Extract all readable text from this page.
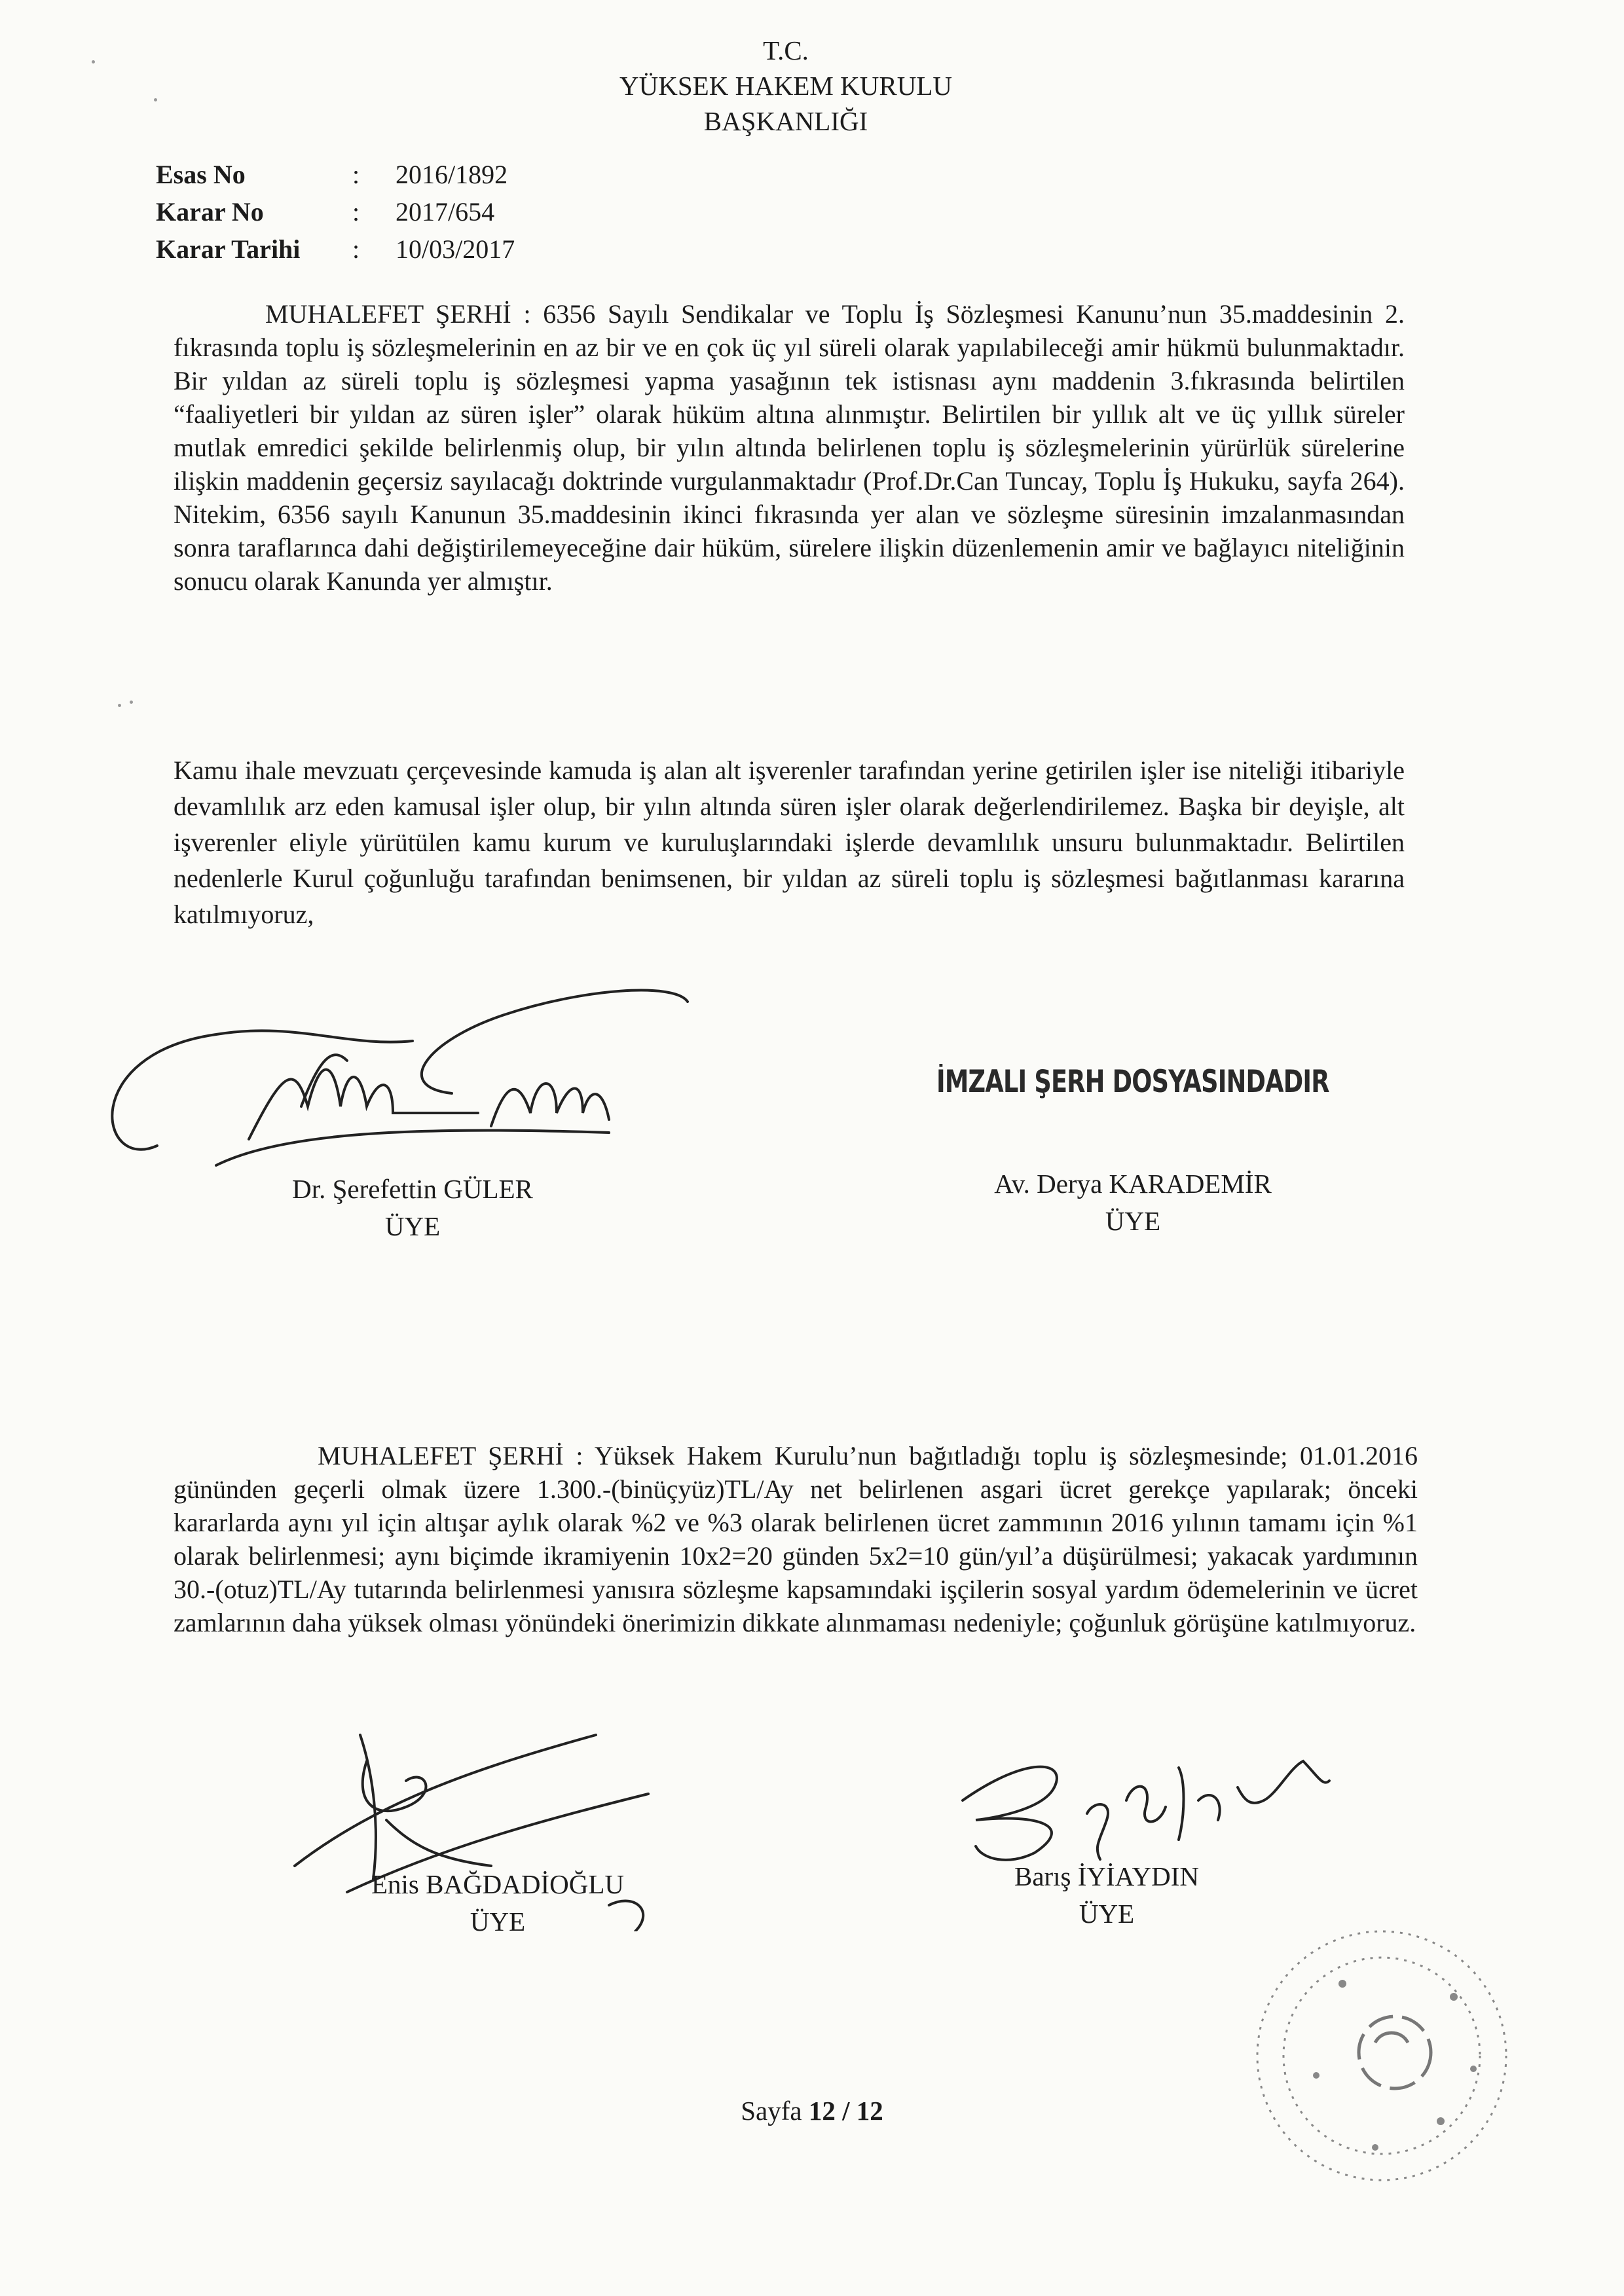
T.C.
YÜKSEK HAKEM KURULU
BAŞKANLIĞI
Esas No	:	2016/1892
Karar No	:	2017/654
Karar Tarihi	:	10/03/2017
MUHALEFET ŞERHİ : 6356 Sayılı Sendikalar ve Toplu İş Sözleşmesi Kanunu’nun 35.maddesinin 2. fıkrasında toplu iş sözleşmelerinin en az bir ve en çok üç yıl süreli olarak yapılabileceği amir hükmü bulunmaktadır. Bir yıldan az süreli toplu iş sözleşmesi yapma yasağının tek istisnası aynı maddenin 3.fıkrasında belirtilen “faaliyetleri bir yıldan az süren işler” olarak hüküm altına alınmıştır. Belirtilen bir yıllık alt ve üç yıllık süreler mutlak emredici şekilde belirlenmiş olup, bir yılın altında belirlenen toplu iş sözleşmelerinin yürürlük sürelerine ilişkin maddenin geçersiz sayılacağı doktrinde vurgulanmaktadır (Prof.Dr.Can Tuncay, Toplu İş Hukuku, sayfa 264). Nitekim, 6356 sayılı Kanunun 35.maddesinin ikinci fıkrasında yer alan ve sözleşme süresinin imzalanmasından sonra taraflarınca dahi değiştirilemeyeceğine dair hüküm, sürelere ilişkin düzenlemenin amir ve bağlayıcı niteliğinin sonucu olarak Kanunda yer almıştır.
Kamu ihale mevzuatı çerçevesinde kamuda iş alan alt işverenler tarafından yerine getirilen işler ise niteliği itibariyle devamlılık arz eden kamusal işler olup, bir yılın altında süren işler olarak değerlendirilemez. Başka bir deyişle, alt işverenler eliyle yürütülen kamu kurum ve kuruluşlarındaki işlerde devamlılık unsuru bulunmaktadır. Belirtilen nedenlerle Kurul çoğunluğu tarafından benimsenen, bir yıldan az süreli toplu iş sözleşmesi bağıtlanması kararına katılmıyoruz,
Dr. Şerefettin GÜLER
ÜYE
İMZALI ŞERH DOSYASINDADIR
Av. Derya KARADEMİR
ÜYE
MUHALEFET ŞERHİ : Yüksek Hakem Kurulu’nun bağıtladığı toplu iş sözleşmesinde; 01.01.2016 gününden geçerli olmak üzere 1.300.-(binüçyüz)TL/Ay net belirlenen asgari ücret gerekçe yapılarak; önceki kararlarda aynı yıl için altışar aylık olarak %2 ve %3 olarak belirlenen ücret zammının 2016 yılının tamamı için %1 olarak belirlenmesi; aynı biçimde ikramiyenin 10x2=20 günden 5x2=10 gün/yıl’a düşürülmesi; yakacak yardımının 30.-(otuz)TL/Ay tutarında belirlenmesi yanısıra sözleşme kapsamındaki işçilerin sosyal yardım ödemelerinin ve ücret zamlarının daha yüksek olması yönündeki önerimizin dikkate alınmaması nedeniyle; çoğunluk görüşüne katılmıyoruz.
Enis BAĞDADİOĞLU
ÜYE
Barış İYİAYDIN
ÜYE
Sayfa 12 / 12
